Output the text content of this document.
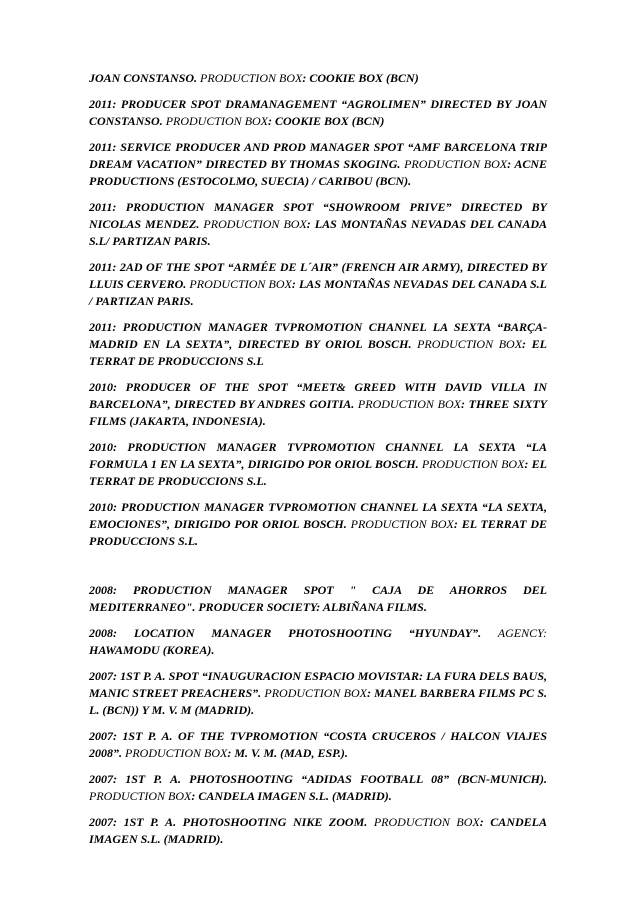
JOAN CONSTANSO. PRODUCTION BOX: COOKIE BOX (BCN)

2011: PRODUCER SPOT DRAMANAGEMENT “AGROLIMEN” DIRECTED BY JOAN CONSTANSO. PRODUCTION BOX: COOKIE BOX (BCN)

2011: SERVICE PRODUCER AND PROD MANAGER SPOT “AMF BARCELONA TRIP DREAM VACATION” DIRECTED BY THOMAS SKOGING. PRODUCTION BOX: ACNE PRODUCTIONS (ESTOCOLMO, SUECIA) / CARIBOU (BCN).

2011: PRODUCTION MANAGER SPOT “SHOWROOM PRIVE” DIRECTED BY NICOLAS MENDEZ. PRODUCTION BOX: LAS MONTAÑAS NEVADAS DEL CANADA S.L/ PARTIZAN PARIS.

2011: 2AD OF THE SPOT “ARMÉE DE L´AIR” (FRENCH AIR ARMY), DIRECTED BY LLUIS CERVERO. PRODUCTION BOX: LAS MONTAÑAS NEVADAS DEL CANADA S.L / PARTIZAN PARIS.

2011: PRODUCTION MANAGER TVPROMOTION CHANNEL LA SEXTA “BARÇA-MADRID EN LA SEXTA”, DIRECTED BY ORIOL BOSCH. PRODUCTION BOX: EL TERRAT DE PRODUCCIONS S.L

2010: PRODUCER OF THE SPOT “MEET& GREED WITH DAVID VILLA IN BARCELONA”, DIRECTED BY ANDRES GOITIA. PRODUCTION BOX: THREE SIXTY FILMS (JAKARTA, INDONESIA).

2010: PRODUCTION MANAGER TVPROMOTION CHANNEL LA SEXTA “LA FORMULA 1 EN LA SEXTA”, DIRIGIDO POR ORIOL BOSCH. PRODUCTION BOX: EL TERRAT DE PRODUCCIONS S.L.

2010: PRODUCTION MANAGER TVPROMOTION CHANNEL LA SEXTA “LA SEXTA, EMOCIONES”, DIRIGIDO POR ORIOL BOSCH. PRODUCTION BOX: EL TERRAT DE PRODUCCIONS S.L.

2008: PRODUCTION MANAGER SPOT " CAJA DE AHORROS DEL MEDITERRANEO". PRODUCER SOCIETY: ALBIÑANA FILMS.

2008: LOCATION MANAGER PHOTOSHOOTING “HYUNDAY”. AGENCY: HAWAMODU (KOREA).

2007: 1ST P. A. SPOT “INAUGURACION ESPACIO MOVISTAR: LA FURA DELS BAUS, MANIC STREET PREACHERS”. PRODUCTION BOX: MANEL BARBERA FILMS PC S. L. (BCN)) Y M. V. M (MADRID).

2007: 1ST P. A. OF THE TVPROMOTION “COSTA CRUCEROS / HALCON VIAJES 2008”. PRODUCTION BOX: M. V. M. (MAD, ESP.).

2007: 1ST P. A. PHOTOSHOOTING “ADIDAS FOOTBALL 08” (BCN-MUNICH). PRODUCTION BOX: CANDELA IMAGEN S.L. (MADRID).

2007: 1ST P. A. PHOTOSHOOTING NIKE ZOOM. PRODUCTION BOX: CANDELA IMAGEN S.L. (MADRID).
